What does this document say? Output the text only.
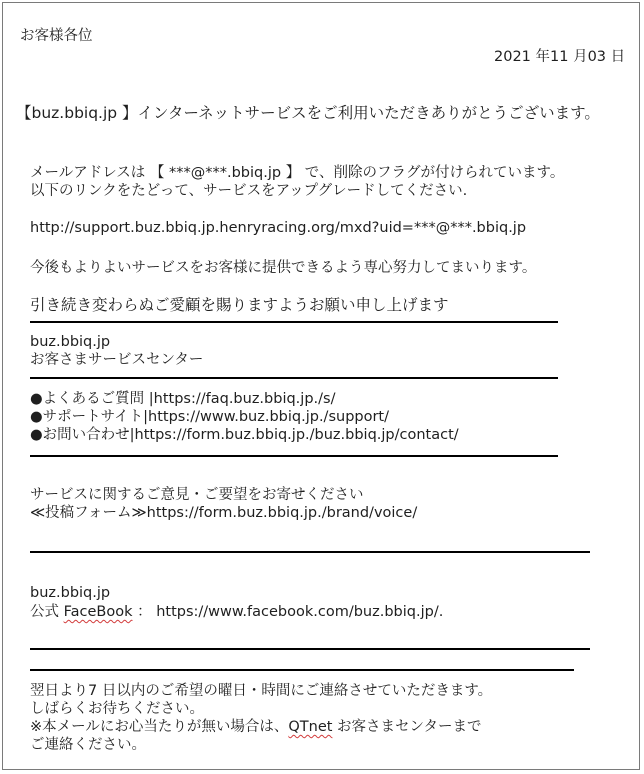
お客様各位
2021 年11 月03 日
【buz.bbiq.jp 】インターネットサービスをご利用いただきありがとうございます。
メールアドレスは 【 ***@***.bbiq.jp 】 で、削除のフラグが付けられています。
以下のリンクをたどって、サービスをアップグレードしてください.
http://support.buz.bbiq.jp.henryracing.org/mxd?uid=***@***.bbiq.jp
今後もよりよいサービスをお客様に提供できるよう専心努力してまいります。
引き続き変わらぬご愛顧を賜りますようお願い申し上げます
buz.bbiq.jp
お客さまサービスセンター
●よくあるご質問 |https://faq.buz.bbiq.jp./s/
●サポートサイト|https://www.buz.bbiq.jp./support/
●お問い合わせ|https://form.buz.bbiq.jp./buz.bbiq.jp/contact/
サービスに関するご意見・ご要望をお寄せください
≪投稿フォーム≫https://form.buz.bbiq.jp./brand/voice/
buz.bbiq.jp
公式 FaceBook ： https://www.facebook.com/buz.bbiq.jp/.
翌日より7 日以内のご希望の曜日・時間にご連絡させていただきます。
しばらくお待ちください。
※本メールにお心当たりが無い場合は、QTnet お客さまセンターまで
ご連絡ください。
